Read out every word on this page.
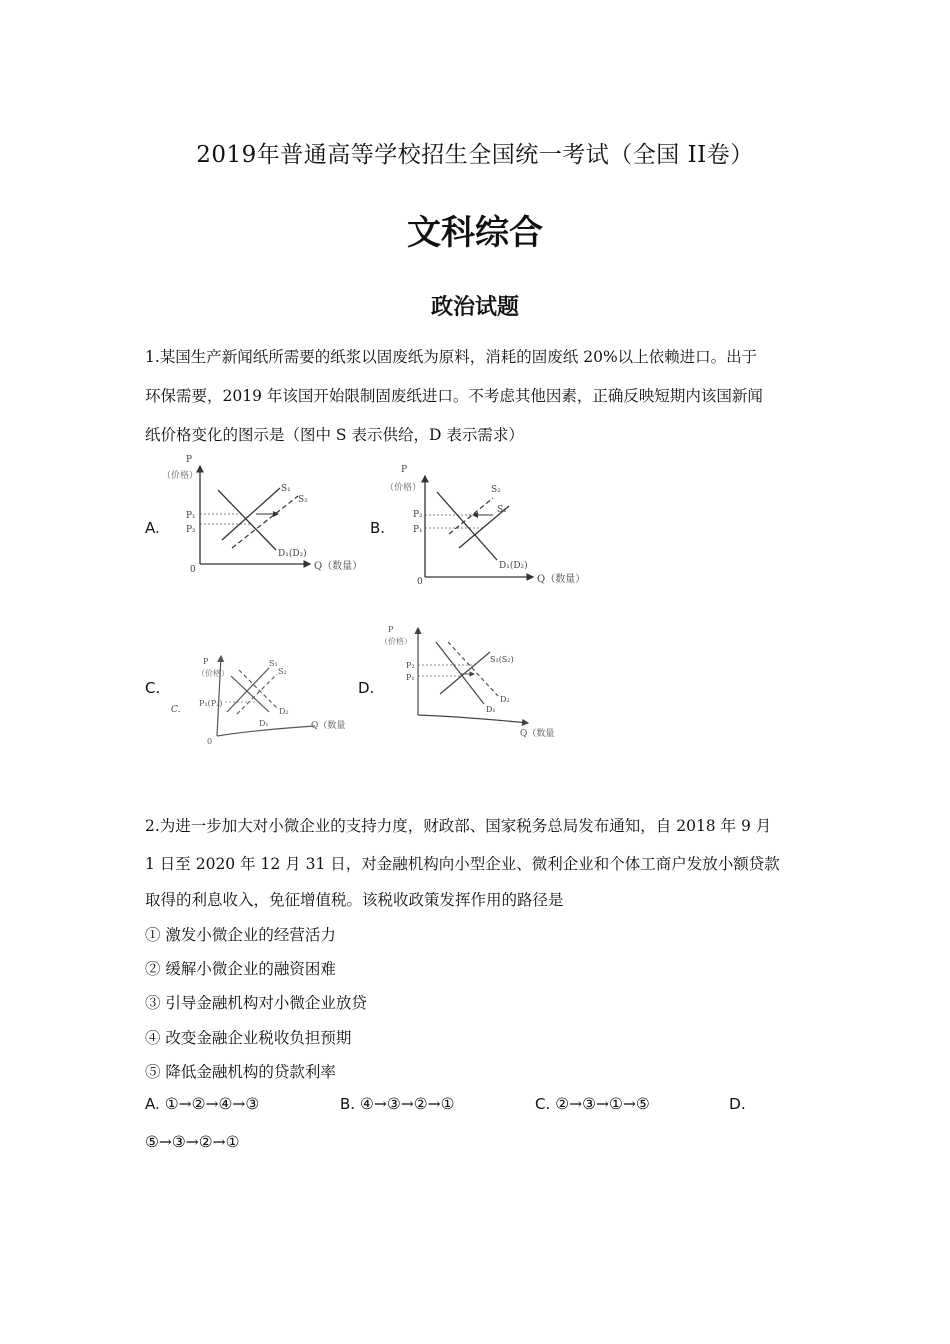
2019年普通高等学校招生全国统一考试（全国 II卷）
文科综合
政治试题
1.某国生产新闻纸所需要的纸浆以固废纸为原料，消耗的固废纸 20%以上依赖进口。出于
环保需要，2019 年该国开始限制固废纸进口。不考虑其他因素，正确反映短期内该国新闻
纸价格变化的图示是（图中 S 表示供给，D 表示需求）
A.
P
（价格）
0	Q（数量）
P₁
P₂
S₁
S₂
D₁(D₂)
B.
P
（价格）
0	Q（数量）
P₂
P₁
S₂
S₁
D₁(D₂)
C.
P
（价格）
0
Q（数量
C.
P₁(P₂)
S₁
S₂
D₂
D₁
D.
P
（价格）
Q（数量
P₂
P₁
S₁(S₂)
D₂
D₁
2.为进一步加大对小微企业的支持力度，财政部、国家税务总局发布通知，自 2018 年 9 月
1 日至 2020 年 12 月 31 日，对金融机构向小型企业、微利企业和个体工商户发放小额贷款
取得的利息收入，免征增值税。该税收政策发挥作用的路径是
① 激发小微企业的经营活力
② 缓解小微企业的融资困难
③ 引导金融机构对小微企业放贷
④ 改变金融企业税收负担预期
⑤ 降低金融机构的贷款利率
A. ①→②→④→③	B. ④→③→②→①	C. ②→③→①→⑤	D.
⑤→③→②→①
